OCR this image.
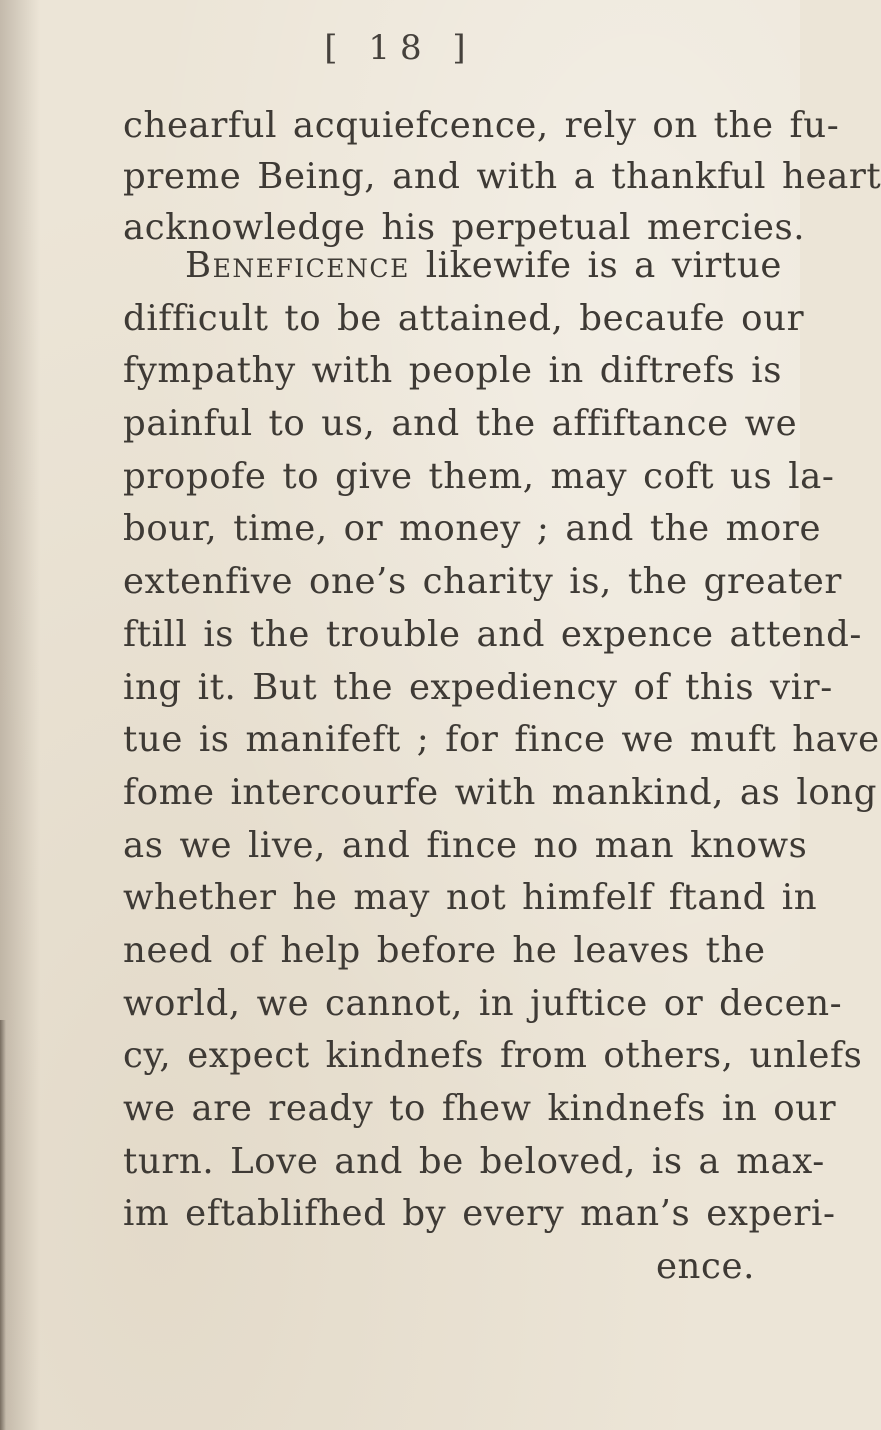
[ 18 ]
chearful acquiefcence, rely on the fu-
preme Being, and with a thankful heart
acknowledge his perpetual mercies.
Beneficence likewife is a virtue
difficult to be attained, becaufe our
fympathy with people in diftrefs is
painful to us, and the affiftance we
propofe to give them, may coft us la-
bour, time, or money ; and the more
extenfive one’s charity is, the greater
ftill is the trouble and expence attend-
ing it. But the expediency of this vir-
tue is manifeft ; for fince we muft have
fome intercourfe with mankind, as long
as we live, and fince no man knows
whether he may not himfelf ftand in
need of help before he leaves the
world, we cannot, in juftice or decen-
cy, expect kindnefs from others, unlefs
we are ready to fhew kindnefs in our
turn. Love and be beloved, is a max-
im eftablifhed by every man’s experi-
ence.
